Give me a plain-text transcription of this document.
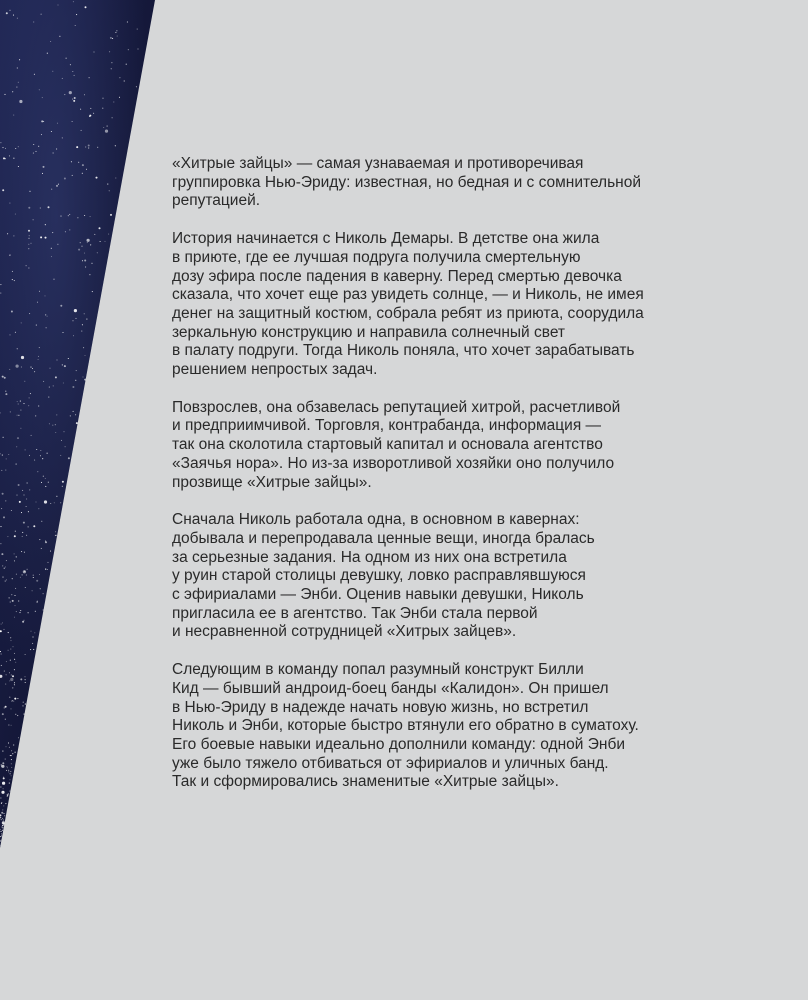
«Хитрые зайцы» — самая узнаваемая и противоречивая
группировка Нью-Эриду: известная, но бедная и с сомнительной
репутацией.

История начинается с Николь Демары. В детстве она жила
в приюте, где ее лучшая подруга получила смертельную
дозу эфира после падения в каверну. Перед смертью девочка
сказала, что хочет еще раз увидеть солнце, — и Николь, не имея
денег на защитный костюм, собрала ребят из приюта, соорудила
зеркальную конструкцию и направила солнечный свет
в палату подруги. Тогда Николь поняла, что хочет зарабатывать
решением непростых задач.

Повзрослев, она обзавелась репутацией хитрой, расчетливой
и предприимчивой. Торговля, контрабанда, информация —
так она сколотила стартовый капитал и основала агентство
«Заячья нора». Но из-за изворотливой хозяйки оно получило
прозвище «Хитрые зайцы».

Сначала Николь работала одна, в основном в кавернах:
добывала и перепродавала ценные вещи, иногда бралась
за серьезные задания. На одном из них она встретила
у руин старой столицы девушку, ловко расправлявшуюся
с эфириалами — Энби. Оценив навыки девушки, Николь
пригласила ее в агентство. Так Энби стала первой
и несравненной сотрудницей «Хитрых зайцев».

Следующим в команду попал разумный конструкт Билли
Кид — бывший андроид-боец банды «Калидон». Он пришел
в Нью-Эриду в надежде начать новую жизнь, но встретил
Николь и Энби, которые быстро втянули его обратно в суматоху.
Его боевые навыки идеально дополнили команду: одной Энби
уже было тяжело отбиваться от эфириалов и уличных банд.
Так и сформировались знаменитые «Хитрые зайцы».
